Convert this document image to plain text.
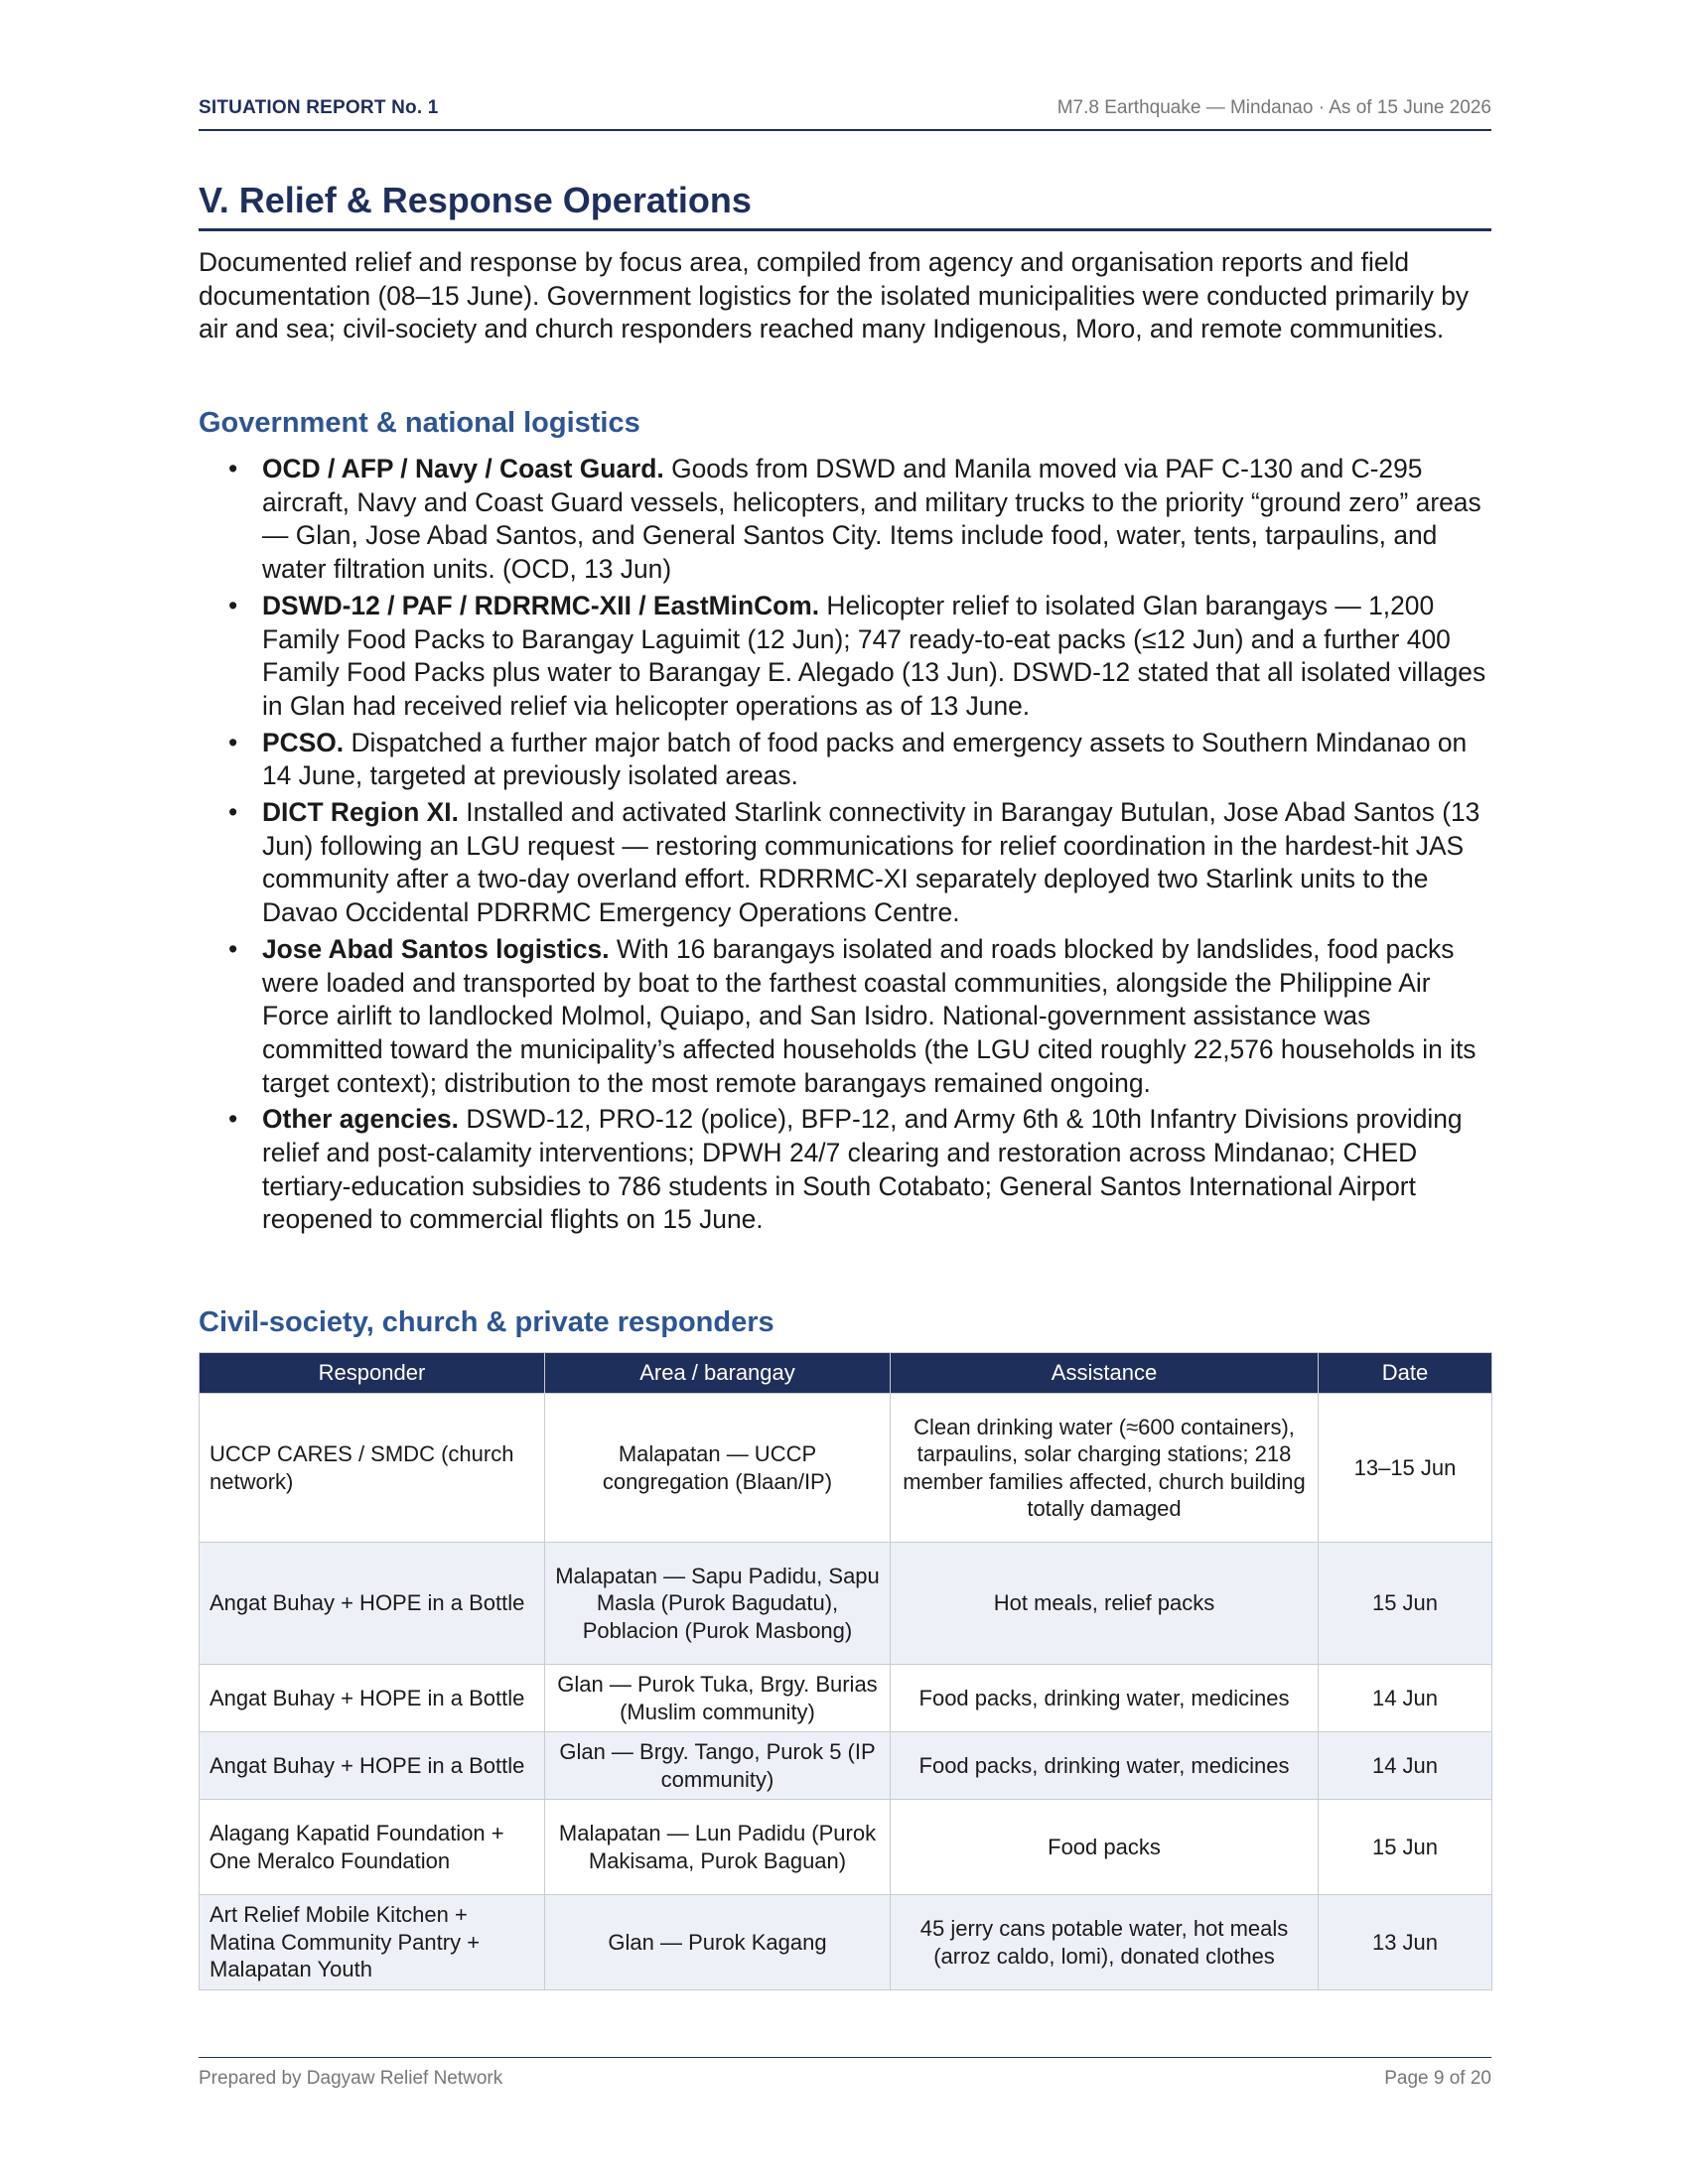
SITUATION REPORT No. 1	M7.8 Earthquake — Mindanao · As of 15 June 2026
V. Relief & Response Operations

Documented relief and response by focus area, compiled from agency and organisation reports and field documentation (08–15 June). Government logistics for the isolated municipalities were conducted primarily by air and sea; civil-society and church responders reached many Indigenous, Moro, and remote communities.

Government & national logistics
• OCD / AFP / Navy / Coast Guard. Goods from DSWD and Manila moved via PAF C-130 and C-295 aircraft, Navy and Coast Guard vessels, helicopters, and military trucks to the priority “ground zero” areas — Glan, Jose Abad Santos, and General Santos City. Items include food, water, tents, tarpaulins, and water filtration units. (OCD, 13 Jun)
• DSWD-12 / PAF / RDRRMC-XII / EastMinCom. Helicopter relief to isolated Glan barangays — 1,200 Family Food Packs to Barangay Laguimit (12 Jun); 747 ready-to-eat packs (≤12 Jun) and a further 400 Family Food Packs plus water to Barangay E. Alegado (13 Jun). DSWD-12 stated that all isolated villages in Glan had received relief via helicopter operations as of 13 June.
• PCSO. Dispatched a further major batch of food packs and emergency assets to Southern Mindanao on 14 June, targeted at previously isolated areas.
• DICT Region XI. Installed and activated Starlink connectivity in Barangay Butulan, Jose Abad Santos (13 Jun) following an LGU request — restoring communications for relief coordination in the hardest-hit JAS community after a two-day overland effort. RDRRMC-XI separately deployed two Starlink units to the Davao Occidental PDRRMC Emergency Operations Centre.
• Jose Abad Santos logistics. With 16 barangays isolated and roads blocked by landslides, food packs were loaded and transported by boat to the farthest coastal communities, alongside the Philippine Air Force airlift to landlocked Molmol, Quiapo, and San Isidro. National-government assistance was committed toward the municipality’s affected households (the LGU cited roughly 22,576 households in its target context); distribution to the most remote barangays remained ongoing.
• Other agencies. DSWD-12, PRO-12 (police), BFP-12, and Army 6th & 10th Infantry Divisions providing relief and post-calamity interventions; DPWH 24/7 clearing and restoration across Mindanao; CHED tertiary-education subsidies to 786 students in South Cotabato; General Santos International Airport reopened to commercial flights on 15 June.
Civil-society, church & private responders
Responder	Area / barangay	Assistance	Date
UCCP CARES / SMDC (church network)	Malapatan — UCCP congregation (Blaan/IP)	Clean drinking water (≈600 containers), tarpaulins, solar charging stations; 218 member families affected, church building totally damaged	13–15 Jun
Angat Buhay + HOPE in a Bottle	Malapatan — Sapu Padidu, Sapu Masla (Purok Bagudatu), Poblacion (Purok Masbong)	Hot meals, relief packs	15 Jun
Angat Buhay + HOPE in a Bottle	Glan — Purok Tuka, Brgy. Burias (Muslim community)	Food packs, drinking water, medicines	14 Jun
Angat Buhay + HOPE in a Bottle	Glan — Brgy. Tango, Purok 5 (IP community)	Food packs, drinking water, medicines	14 Jun
Alagang Kapatid Foundation + One Meralco Foundation	Malapatan — Lun Padidu (Purok Makisama, Purok Baguan)	Food packs	15 Jun
Art Relief Mobile Kitchen + Matina Community Pantry + Malapatan Youth	Glan — Purok Kagang	45 jerry cans potable water, hot meals (arroz caldo, lomi), donated clothes	13 Jun
Prepared by Dagyaw Relief Network	Page 9 of 20
